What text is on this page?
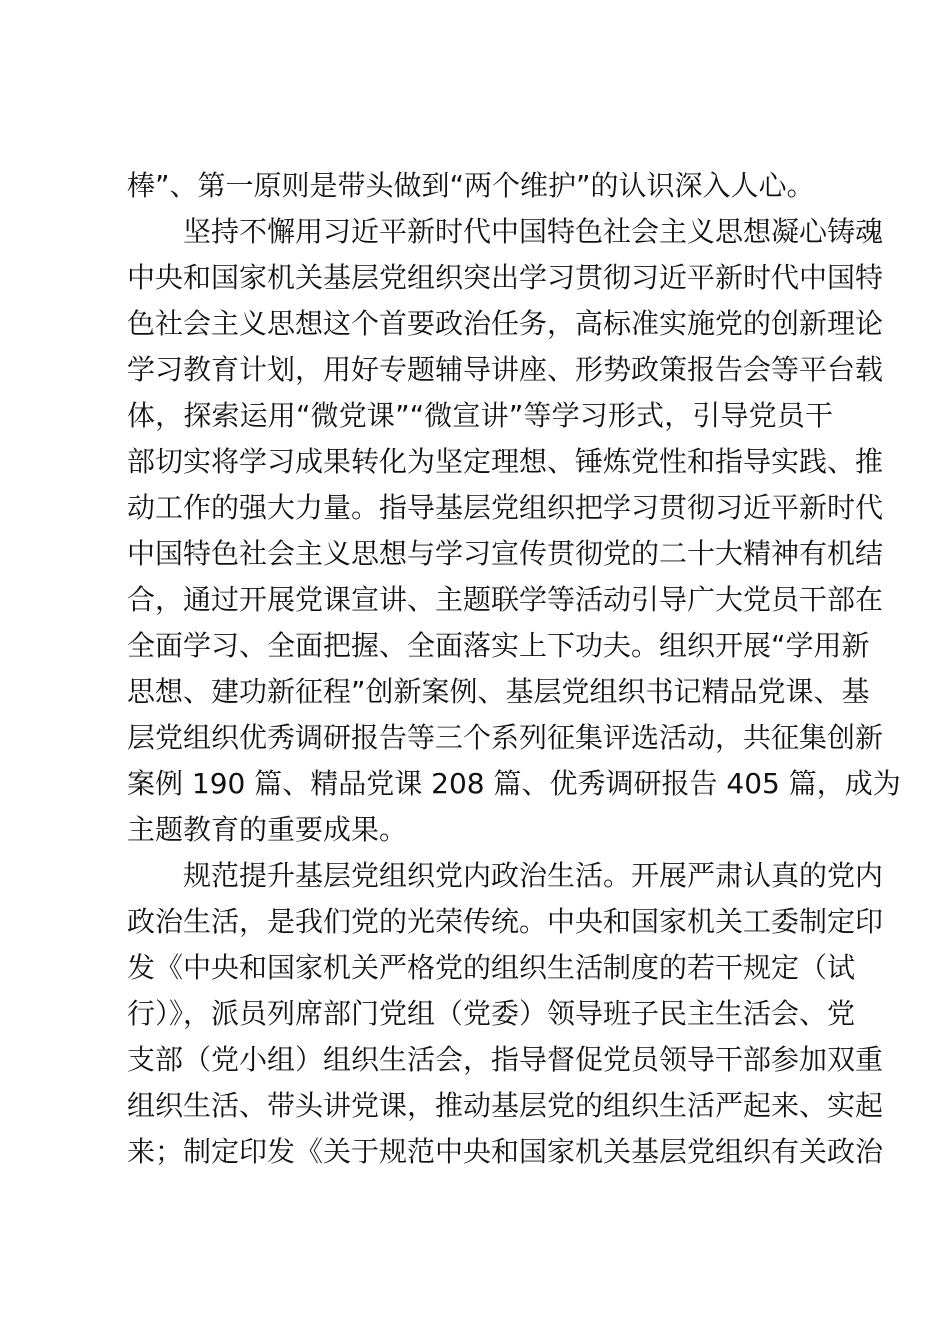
棒”、第一原则是带头做到“两个维护”的认识深入人心。
坚持不懈用习近平新时代中国特色社会主义思想凝心铸魂
中央和国家机关基层党组织突出学习贯彻习近平新时代中国特
色社会主义思想这个首要政治任务，高标准实施党的创新理论
学习教育计划，用好专题辅导讲座、形势政策报告会等平台载
体，探索运用“微党课”“微宣讲”等学习形式，引导党员干
部切实将学习成果转化为坚定理想、锤炼党性和指导实践、推
动工作的强大力量。指导基层党组织把学习贯彻习近平新时代
中国特色社会主义思想与学习宣传贯彻党的二十大精神有机结
合，通过开展党课宣讲、主题联学等活动引导广大党员干部在
全面学习、全面把握、全面落实上下功夫。组织开展“学用新
思想、建功新征程”创新案例、基层党组织书记精品党课、基
层党组织优秀调研报告等三个系列征集评选活动，共征集创新
案例 190 篇、精品党课 208 篇、优秀调研报告 405 篇，成为
主题教育的重要成果。
规范提升基层党组织党内政治生活。开展严肃认真的党内
政治生活，是我们党的光荣传统。中央和国家机关工委制定印
发《中央和国家机关严格党的组织生活制度的若干规定（试
行）》，派员列席部门党组（党委）领导班子民主生活会、党
支部（党小组）组织生活会，指导督促党员领导干部参加双重
组织生活、带头讲党课，推动基层党的组织生活严起来、实起
来；制定印发《关于规范中央和国家机关基层党组织有关政治
